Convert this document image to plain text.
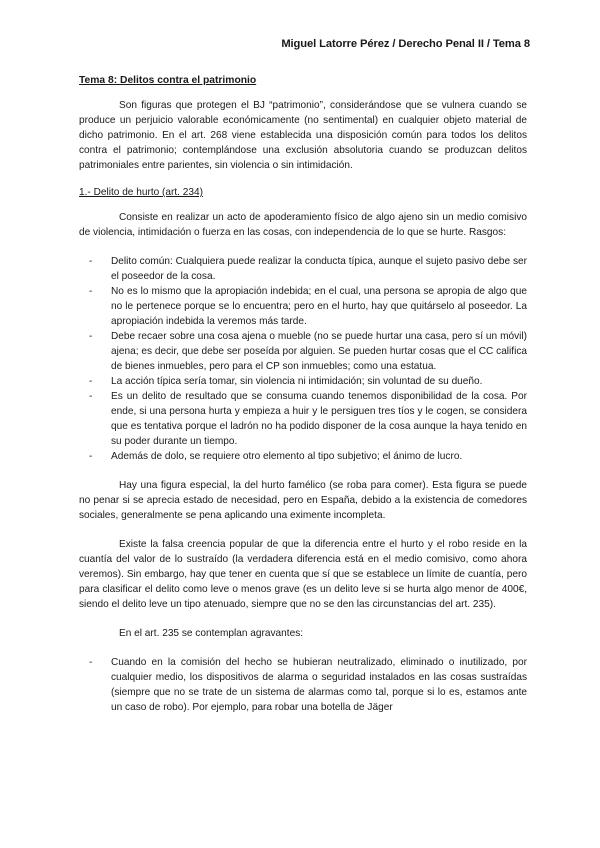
Miguel Latorre Pérez / Derecho Penal II / Tema 8
Tema 8: Delitos contra el patrimonio

Son figuras que protegen el BJ “patrimonio”, considerándose que se vulnera cuando se produce un perjuicio valorable económicamente (no sentimental) en cualquier objeto material de dicho patrimonio. En el art. 268 viene establecida una disposición común para todos los delitos contra el patrimonio; contemplándose una exclusión absolutoria cuando se produzcan delitos patrimoniales entre parientes, sin violencia o sin intimidación.

1.- Delito de hurto (art. 234)

Consiste en realizar un acto de apoderamiento físico de algo ajeno sin un medio comisivo de violencia, intimidación o fuerza en las cosas, con independencia de lo que se hurte. Rasgos:

- Delito común: Cualquiera puede realizar la conducta típica, aunque el sujeto pasivo debe ser el poseedor de la cosa.
- No es lo mismo que la apropiación indebida; en el cual, una persona se apropia de algo que no le pertenece porque se lo encuentra; pero en el hurto, hay que quitárselo al poseedor. La apropiación indebida la veremos más tarde.
- Debe recaer sobre una cosa ajena o mueble (no se puede hurtar una casa, pero sí un móvil) ajena; es decir, que debe ser poseída por alguien. Se pueden hurtar cosas que el CC califica de bienes inmuebles, pero para el CP son inmuebles; como una estatua.
- La acción típica sería tomar, sin violencia ni intimidación; sin voluntad de su dueño.
- Es un delito de resultado que se consuma cuando tenemos disponibilidad de la cosa. Por ende, si una persona hurta y empieza a huir y le persiguen tres tíos y le cogen, se considera que es tentativa porque el ladrón no ha podido disponer de la cosa aunque la haya tenido en su poder durante un tiempo.
- Además de dolo, se requiere otro elemento al tipo subjetivo; el ánimo de lucro.

Hay una figura especial, la del hurto famélico (se roba para comer). Esta figura se puede no penar si se aprecia estado de necesidad, pero en España, debido a la existencia de comedores sociales, generalmente se pena aplicando una eximente incompleta.

Existe la falsa creencia popular de que la diferencia entre el hurto y el robo reside en la cuantía del valor de lo sustraído (la verdadera diferencia está en el medio comisivo, como ahora veremos). Sin embargo, hay que tener en cuenta que sí que se establece un límite de cuantía, pero para clasificar el delito como leve o menos grave (es un delito leve si se hurta algo menor de 400€, siendo el delito leve un tipo atenuado, siempre que no se den las circunstancias del art. 235).

En el art. 235 se contemplan agravantes:

- Cuando en la comisión del hecho se hubieran neutralizado, eliminado o inutilizado, por cualquier medio, los dispositivos de alarma o seguridad instalados en las cosas sustraídas (siempre que no se trate de un sistema de alarmas como tal, porque si lo es, estamos ante un caso de robo). Por ejemplo, para robar una botella de Jäger
